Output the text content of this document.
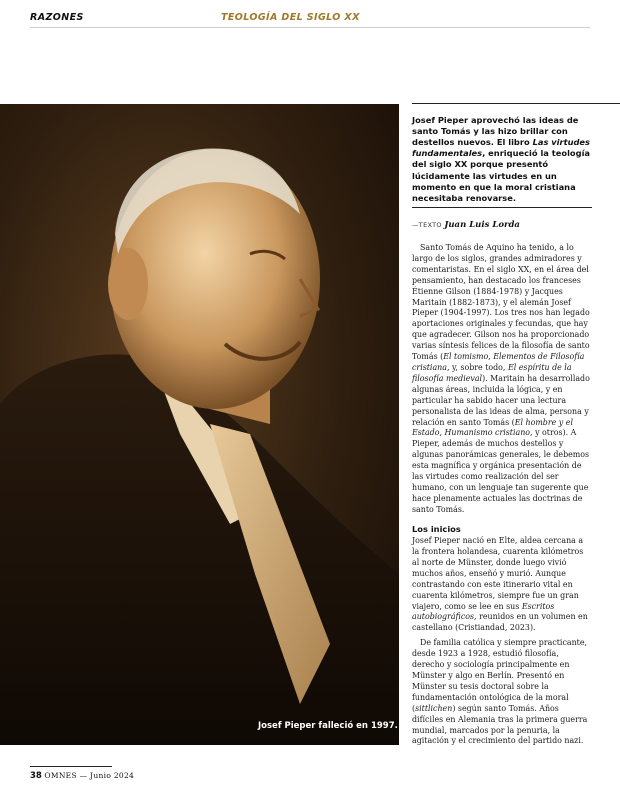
RAZONES	TEOLOGÍA DEL SIGLO XX
Josef Pieper falleció en 1997.
Josef Pieper aprovechó las ideas de santo Tomás y las hizo brillar con destellos nuevos. El libro Las virtudes fundamentales, enriqueció la teología del siglo XX porque presentó lúcidamente las virtudes en un momento en que la moral cristiana necesitaba renovarse.
—TEXTO Juan Luis Lorda

Santo Tomás de Aquino ha tenido, a lo largo de los siglos, grandes admiradores y comentaristas. En el siglo XX, en el área del pensamiento, han destacado los franceses Étienne Gilson (1884-1978) y Jacques Maritain (1882-1873), y el alemán Josef Pieper (1904-1997). Los tres nos han legado aportaciones originales y fecundas, que hay que agradecer. Gilson nos ha proporcionado varias síntesis felices de la filosofía de santo Tomás (El tomismo, Elementos de Filosofía cristiana, y, sobre todo, El espíritu de la filosofía medieval). Maritain ha desarrollado algunas áreas, incluida la lógica, y en particular ha sabido hacer una lectura personalista de las ideas de alma, persona y relación en santo Tomás (El hombre y el Estado, Humanismo cristiano, y otros). A Pieper, además de muchos destellos y algunas panorámicas generales, le debemos esta magnífica y orgánica presentación de las virtudes como realización del ser humano, con un lenguaje tan sugerente que hace plenamente actuales las doctrinas de santo Tomás.

Los inicios

Josef Pieper nació en Elte, aldea cercana a la frontera holandesa, cuarenta kilómetros al norte de Münster, donde luego vivió muchos años, enseñó y murió. Aunque contrastando con este itinerario vital en cuarenta kilómetros, siempre fue un gran viajero, como se lee en sus Escritos autobiográficos, reunidos en un volumen en castellano (Cristiandad, 2023).

De familia católica y siempre practicante, desde 1923 a 1928, estudió filosofía, derecho y sociología principalmente en Münster y algo en Berlín. Presentó en Münster su tesis doctoral sobre la fundamentación ontológica de la moral (sittlichen) según santo Tomás. Años difíciles en Alemania tras la primera guerra mundial, marcados por la penuria, la agitación y el crecimiento del partido nazi.

38 OMNES — Junio 2024
